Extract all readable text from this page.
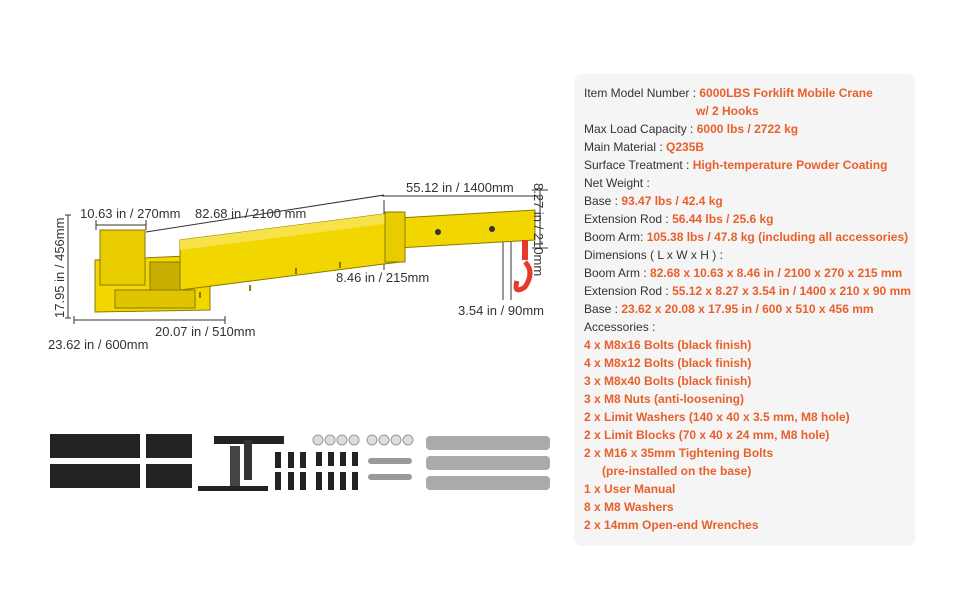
10.63 in / 270mm 82.68 in / 2100 mm
55.12 in / 1400mm 8.27 in / 210mm
17.95 in / 456mm	8.46 in / 215mm
20.07 in / 510mm
23.62 in / 600mm
3.54 in / 90mm
Item Model Number : 6000LBS Forklift Mobile Crane
w/ 2 Hooks
Max Load Capacity : 6000 lbs / 2722 kg
Main Material : Q235B
Surface Treatment : High-temperature Powder Coating
Net Weight :
Base : 93.47 lbs / 42.4 kg
Extension Rod : 56.44 lbs / 25.6 kg
Boom Arm: 105.38 lbs / 47.8 kg (including all accessories)
Dimensions ( L x W x H ) :
Boom Arm : 82.68 x 10.63 x 8.46 in / 2100 x 270 x 215 mm
Extension Rod : 55.12 x 8.27 x 3.54 in / 1400 x 210 x 90 mm
Base : 23.62 x 20.08 x 17.95 in / 600 x 510 x 456 mm
Accessories :
4 x M8x16 Bolts (black finish)
4 x M8x12 Bolts (black finish)
3 x M8x40 Bolts (black finish)
3 x M8 Nuts (anti-loosening)
2 x Limit Washers (140 x 40 x 3.5 mm, M8 hole)
2 x Limit Blocks (70 x 40 x 24 mm, M8 hole)
2 x M16 x 35mm Tightening Bolts
(pre-installed on the base)
1 x User Manual
8 x M8 Washers
2 x 14mm Open-end Wrenches
